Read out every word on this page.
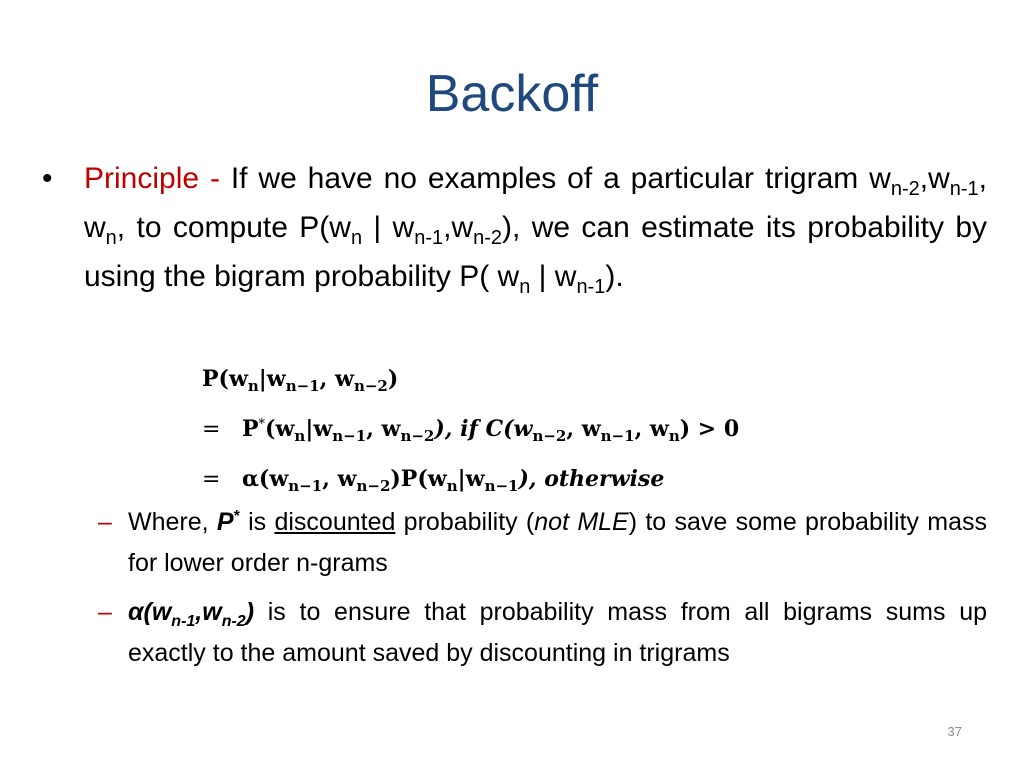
Backoff
• Principle - If we have no examples of a particular trigram $w_{n-2},w_{n-1}$, $w_n$, to compute $P(w_n$ | $w_{n-1},w_{n-2}$), we can estimate its probability by using the bigram probability P( $w_n$ | $w_{n-1}$).
$P(w_n|w_{n-1}$, $w_{n-2}$)
= $P^*(w_n|w_{n-1}$, $w_{n-2}$), if $C(w_{n-2}$, $w_{n-1}$, $w_n) > 0$
= $\alpha(w_{n-1}$, $w_{n-2})P(w_n|w_{n-1})$, otherwise
– Where, P* is discounted probability (not MLE) to save some probability mass for lower order n-grams
– $\alpha(w_{n-1},w_{n-2})$ is to ensure that probability mass from all bigrams sums up exactly to the amount saved by discounting in trigrams
37
